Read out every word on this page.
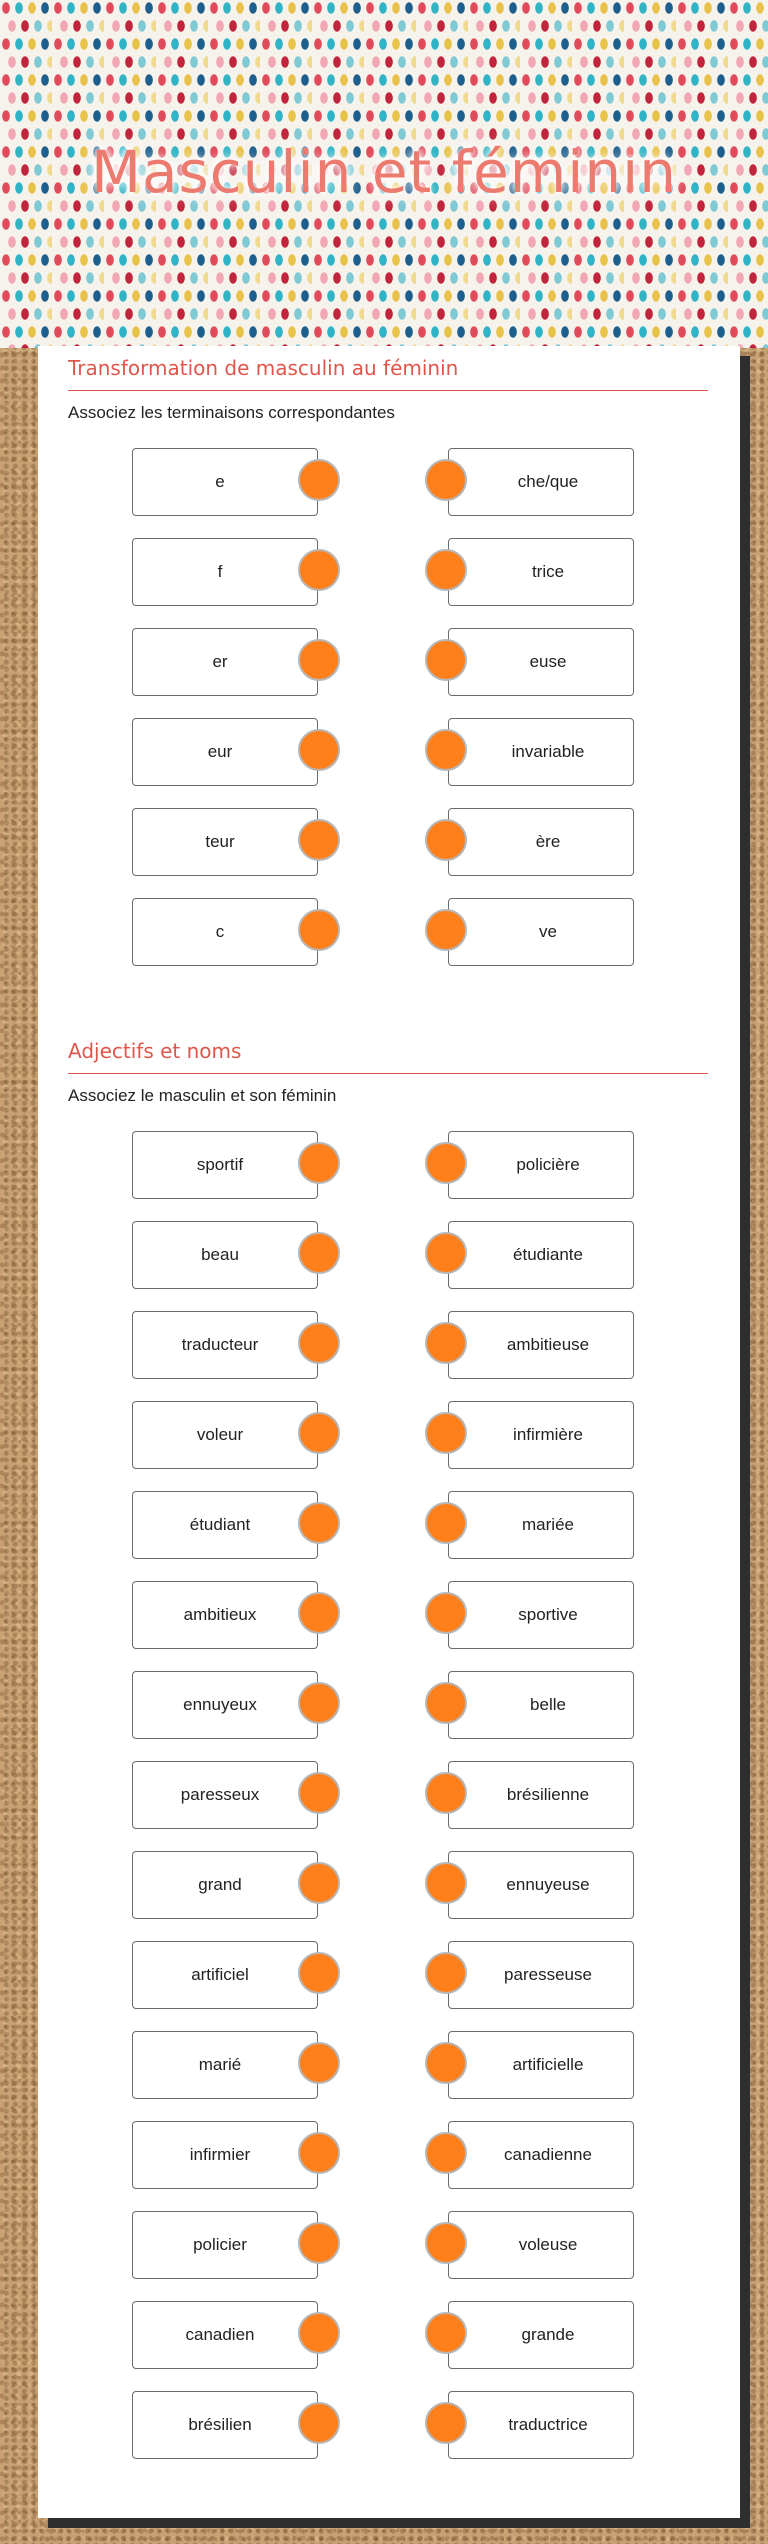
Masculin et féminin
Transformation de masculin au féminin
Associez les terminaisons correspondantes
e	che/que
f	trice
er	euse
eur	invariable
teur	ère
c	ve
Adjectifs et noms
Associez le masculin et son féminin
sportif	policière
beau	étudiante
traducteur	ambitieuse
voleur	infirmière
étudiant	mariée
ambitieux	sportive
ennuyeux	belle
paresseux	brésilienne
grand	ennuyeuse
artificiel	paresseuse
marié	artificielle
infirmier	canadienne
policier	voleuse
canadien	grande
brésilien	traductrice
